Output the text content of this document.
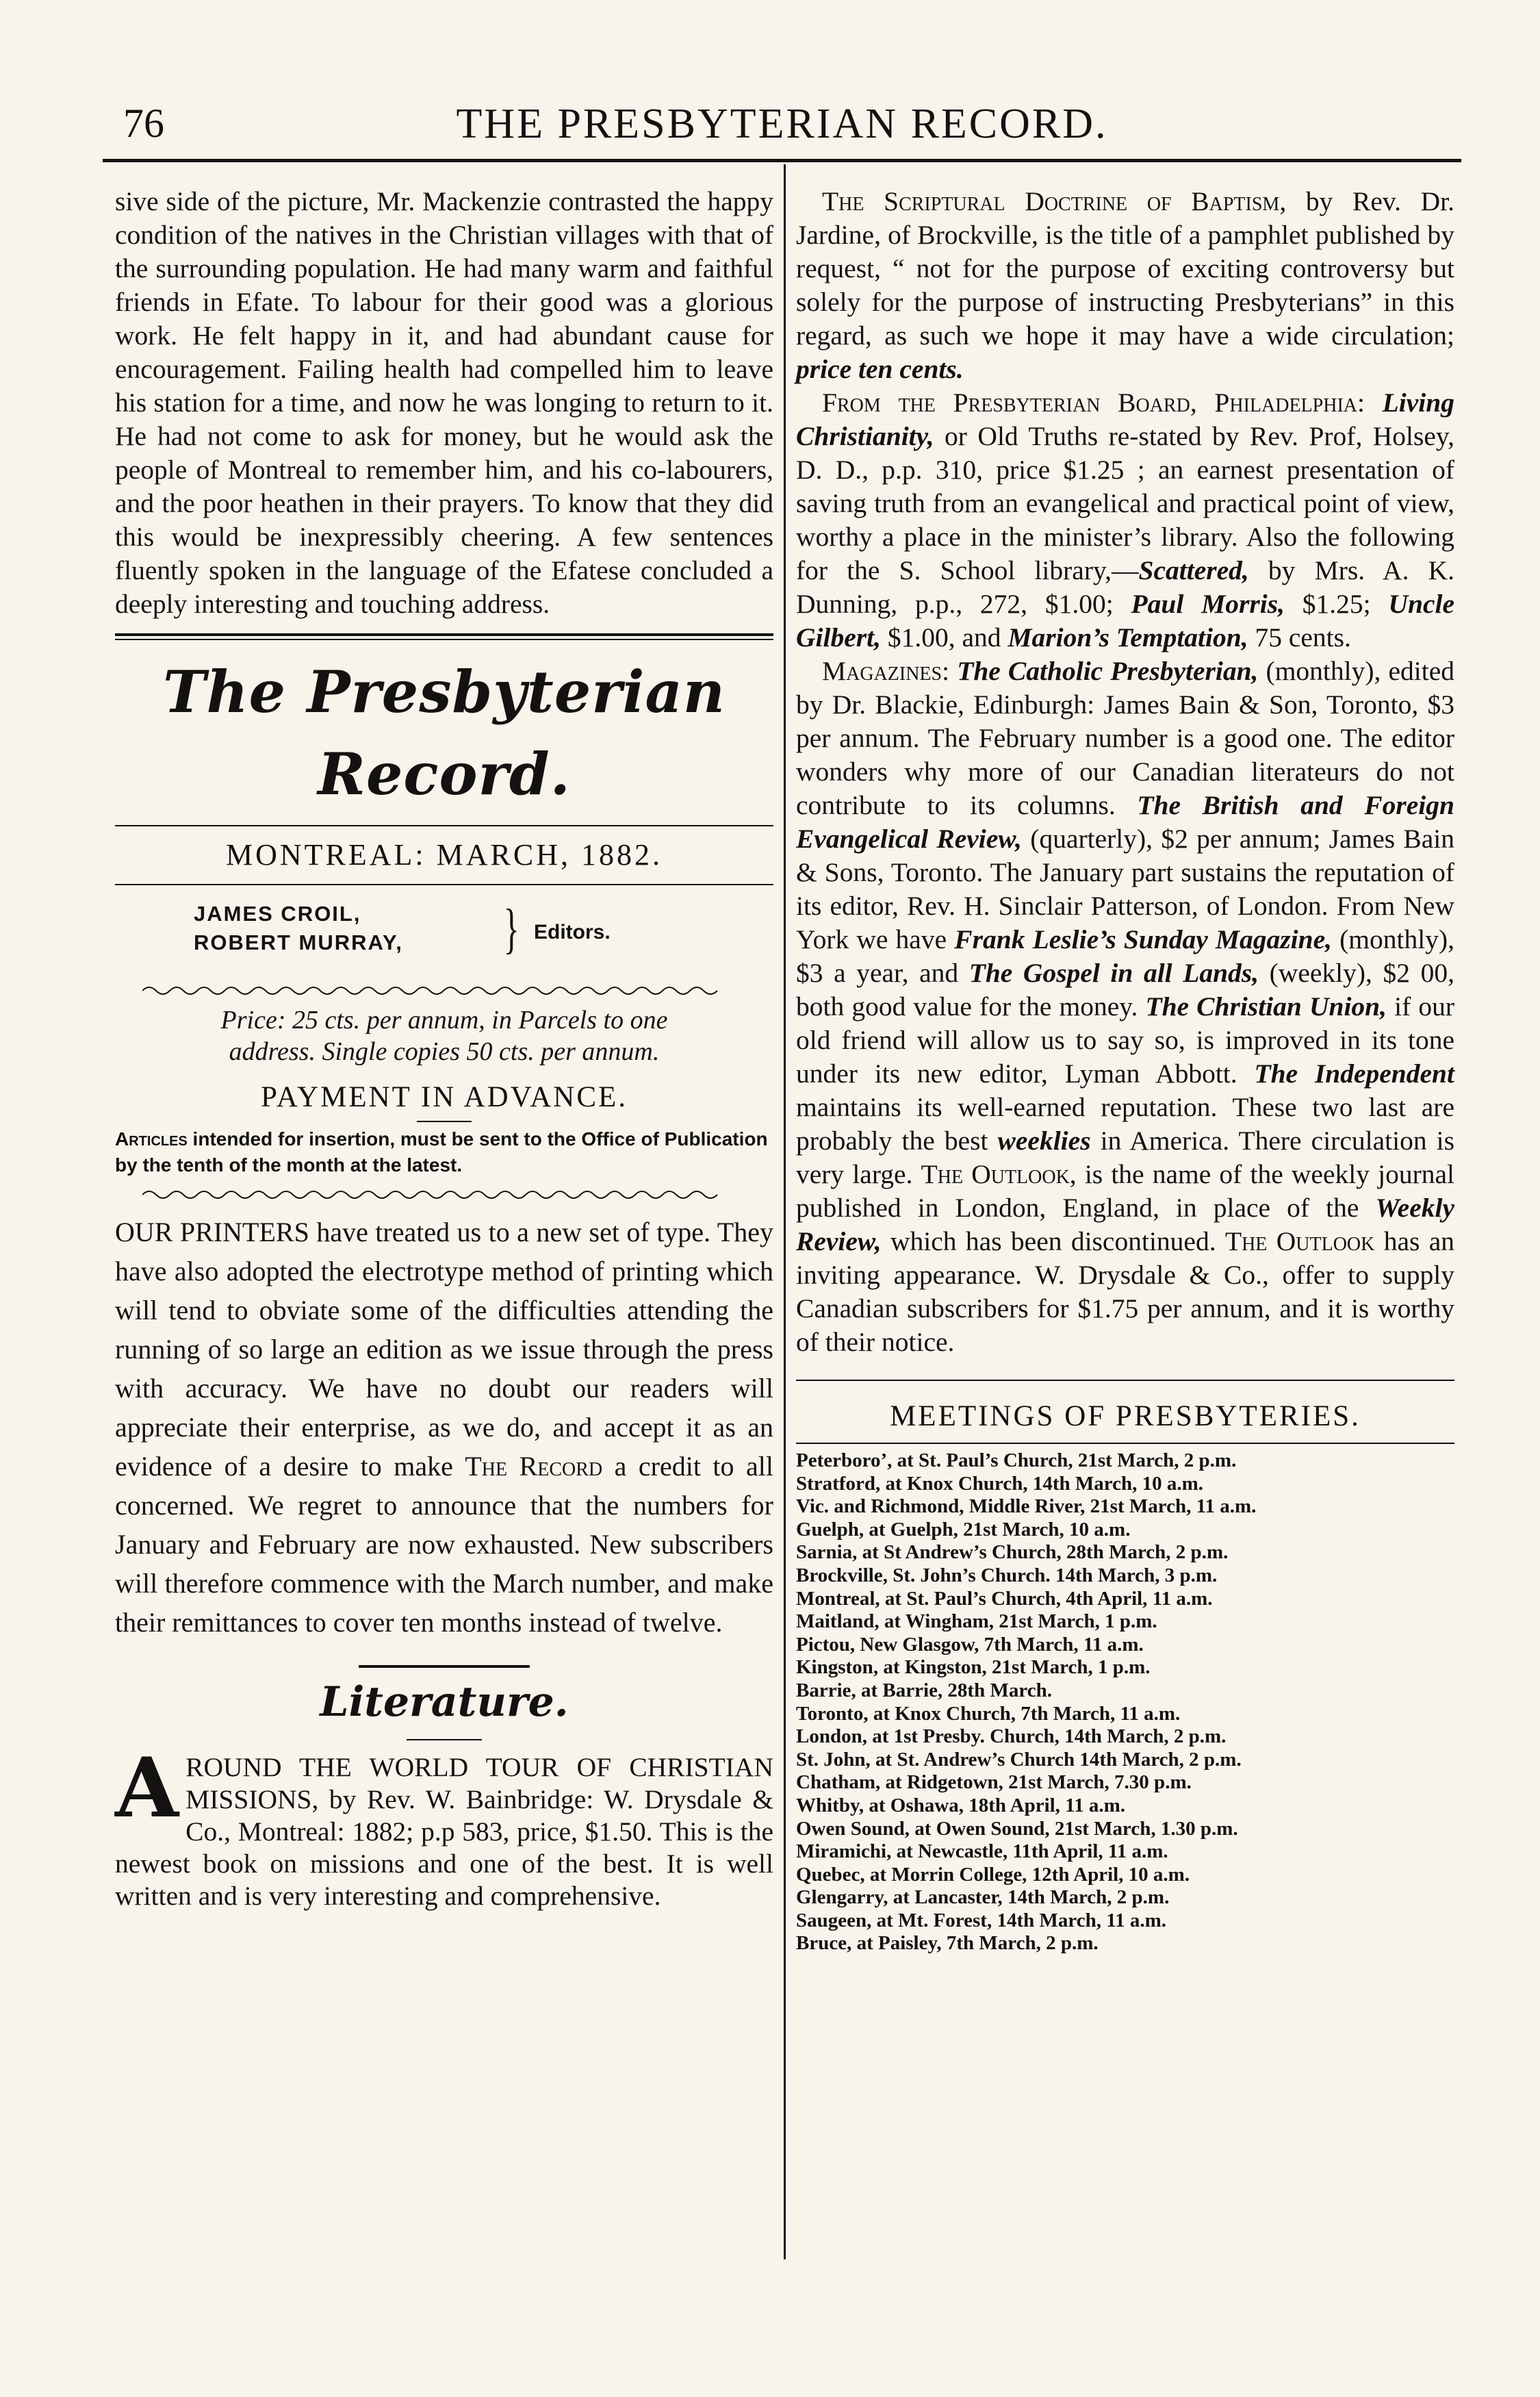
76	THE PRESBYTERIAN RECORD.

sive side of the picture, Mr. Mackenzie contrasted the happy condition of the natives in the Christian villages with that of the surrounding population. He had many warm and faithful friends in Efate. To labour for their good was a glorious work. He felt happy in it, and had abundant cause for encouragement. Failing health had compelled him to leave his station for a time, and now he was longing to return to it. He had not come to ask for money, but he would ask the people of Montreal to remember him, and his co-labourers, and the poor heathen in their prayers. To know that they did this would be inexpressibly cheering. A few sentences fluently spoken in the language of the Efatese concluded a deeply interesting and touching address.

The Presbyterian Record.
MONTREAL: MARCH, 1882.
JAMES CROIL,
ROBERT MURRAY, } Editors.
Price: 25 cts. per annum, in Parcels to one
address. Single copies 50 cts. per annum.
PAYMENT IN ADVANCE.

Articles intended for insertion, must be sent to the Office of Publication by the tenth of the month at the latest.

OUR PRINTERS have treated us to a new set of type. They have also adopted the electrotype method of printing which will tend to obviate some of the difficulties attending the running of so large an edition as we issue through the press with accuracy. We have no doubt our readers will appreciate their enterprise, as we do, and accept it as an evidence of a desire to make The Record a credit to all concerned. We regret to announce that the numbers for January and February are now exhausted. New subscribers will therefore commence with the March number, and make their remittances to cover ten months instead of twelve.

Literature.

AROUND THE WORLD TOUR OF CHRISTIAN MISSIONS, by Rev. W. Bainbridge: W. Drysdale & Co., Montreal: 1882; p.p 583, price, $1.50. This is the newest book on missions and one of the best. It is well written and is very interesting and comprehensive.

The Scriptural Doctrine of Baptism, by Rev. Dr. Jardine, of Brockville, is the title of a pamphlet published by request, “ not for the purpose of exciting controversy but solely for the purpose of instructing Presbyterians” in this regard, as such we hope it may have a wide circulation; price ten cents.

From the Presbyterian Board, Philadelphia: Living Christianity, or Old Truths re-stated by Rev. Prof, Holsey, D. D., p.p. 310, price $1.25 ; an earnest presentation of saving truth from an evangelical and practical point of view, worthy a place in the minister’s library. Also the following for the S. School library,—Scattered, by Mrs. A. K. Dunning, p.p., 272, $1.00; Paul Morris, $1.25; Uncle Gilbert, $1.00, and Marion’s Temptation, 75 cents.

Magazines: The Catholic Presbyterian, (monthly), edited by Dr. Blackie, Edinburgh: James Bain & Son, Toronto, $3 per annum. The February number is a good one. The editor wonders why more of our Canadian literateurs do not contribute to its columns. The British and Foreign Evangelical Review, (quarterly), $2 per annum; James Bain & Sons, Toronto. The January part sustains the reputation of its editor, Rev. H. Sinclair Patterson, of London. From New York we have Frank Leslie’s Sunday Magazine, (monthly), $3 a year, and The Gospel in all Lands, (weekly), $2 00, both good value for the money. The Christian Union, if our old friend will allow us to say so, is improved in its tone under its new editor, Lyman Abbott. The Independent maintains its well-earned reputation. These two last are probably the best weeklies in America. There circulation is very large. The Outlook, is the name of the weekly journal published in London, England, in place of the Weekly Review, which has been discontinued. The Outlook has an inviting appearance. W. Drysdale & Co., offer to supply Canadian subscribers for $1.75 per annum, and it is worthy of their notice.

MEETINGS OF PRESBYTERIES.
Peterboro’, at St. Paul’s Church, 21st March, 2 p.m.
Stratford, at Knox Church, 14th March, 10 a.m.
Vic. and Richmond, Middle River, 21st March, 11 a.m.
Guelph, at Guelph, 21st March, 10 a.m.
Sarnia, at St Andrew’s Church, 28th March, 2 p.m.
Brockville, St. John’s Church. 14th March, 3 p.m.
Montreal, at St. Paul’s Church, 4th April, 11 a.m.
Maitland, at Wingham, 21st March, 1 p.m.
Pictou, New Glasgow, 7th March, 11 a.m.
Kingston, at Kingston, 21st March, 1 p.m.
Barrie, at Barrie, 28th March.
Toronto, at Knox Church, 7th March, 11 a.m.
London, at 1st Presby. Church, 14th March, 2 p.m.
St. John, at St. Andrew’s Church 14th March, 2 p.m.
Chatham, at Ridgetown, 21st March, 7.30 p.m.
Whitby, at Oshawa, 18th April, 11 a.m.
Owen Sound, at Owen Sound, 21st March, 1.30 p.m.
Miramichi, at Newcastle, 11th April, 11 a.m.
Quebec, at Morrin College, 12th April, 10 a.m.
Glengarry, at Lancaster, 14th March, 2 p.m.
Saugeen, at Mt. Forest, 14th March, 11 a.m.
Bruce, at Paisley, 7th March, 2 p.m.
